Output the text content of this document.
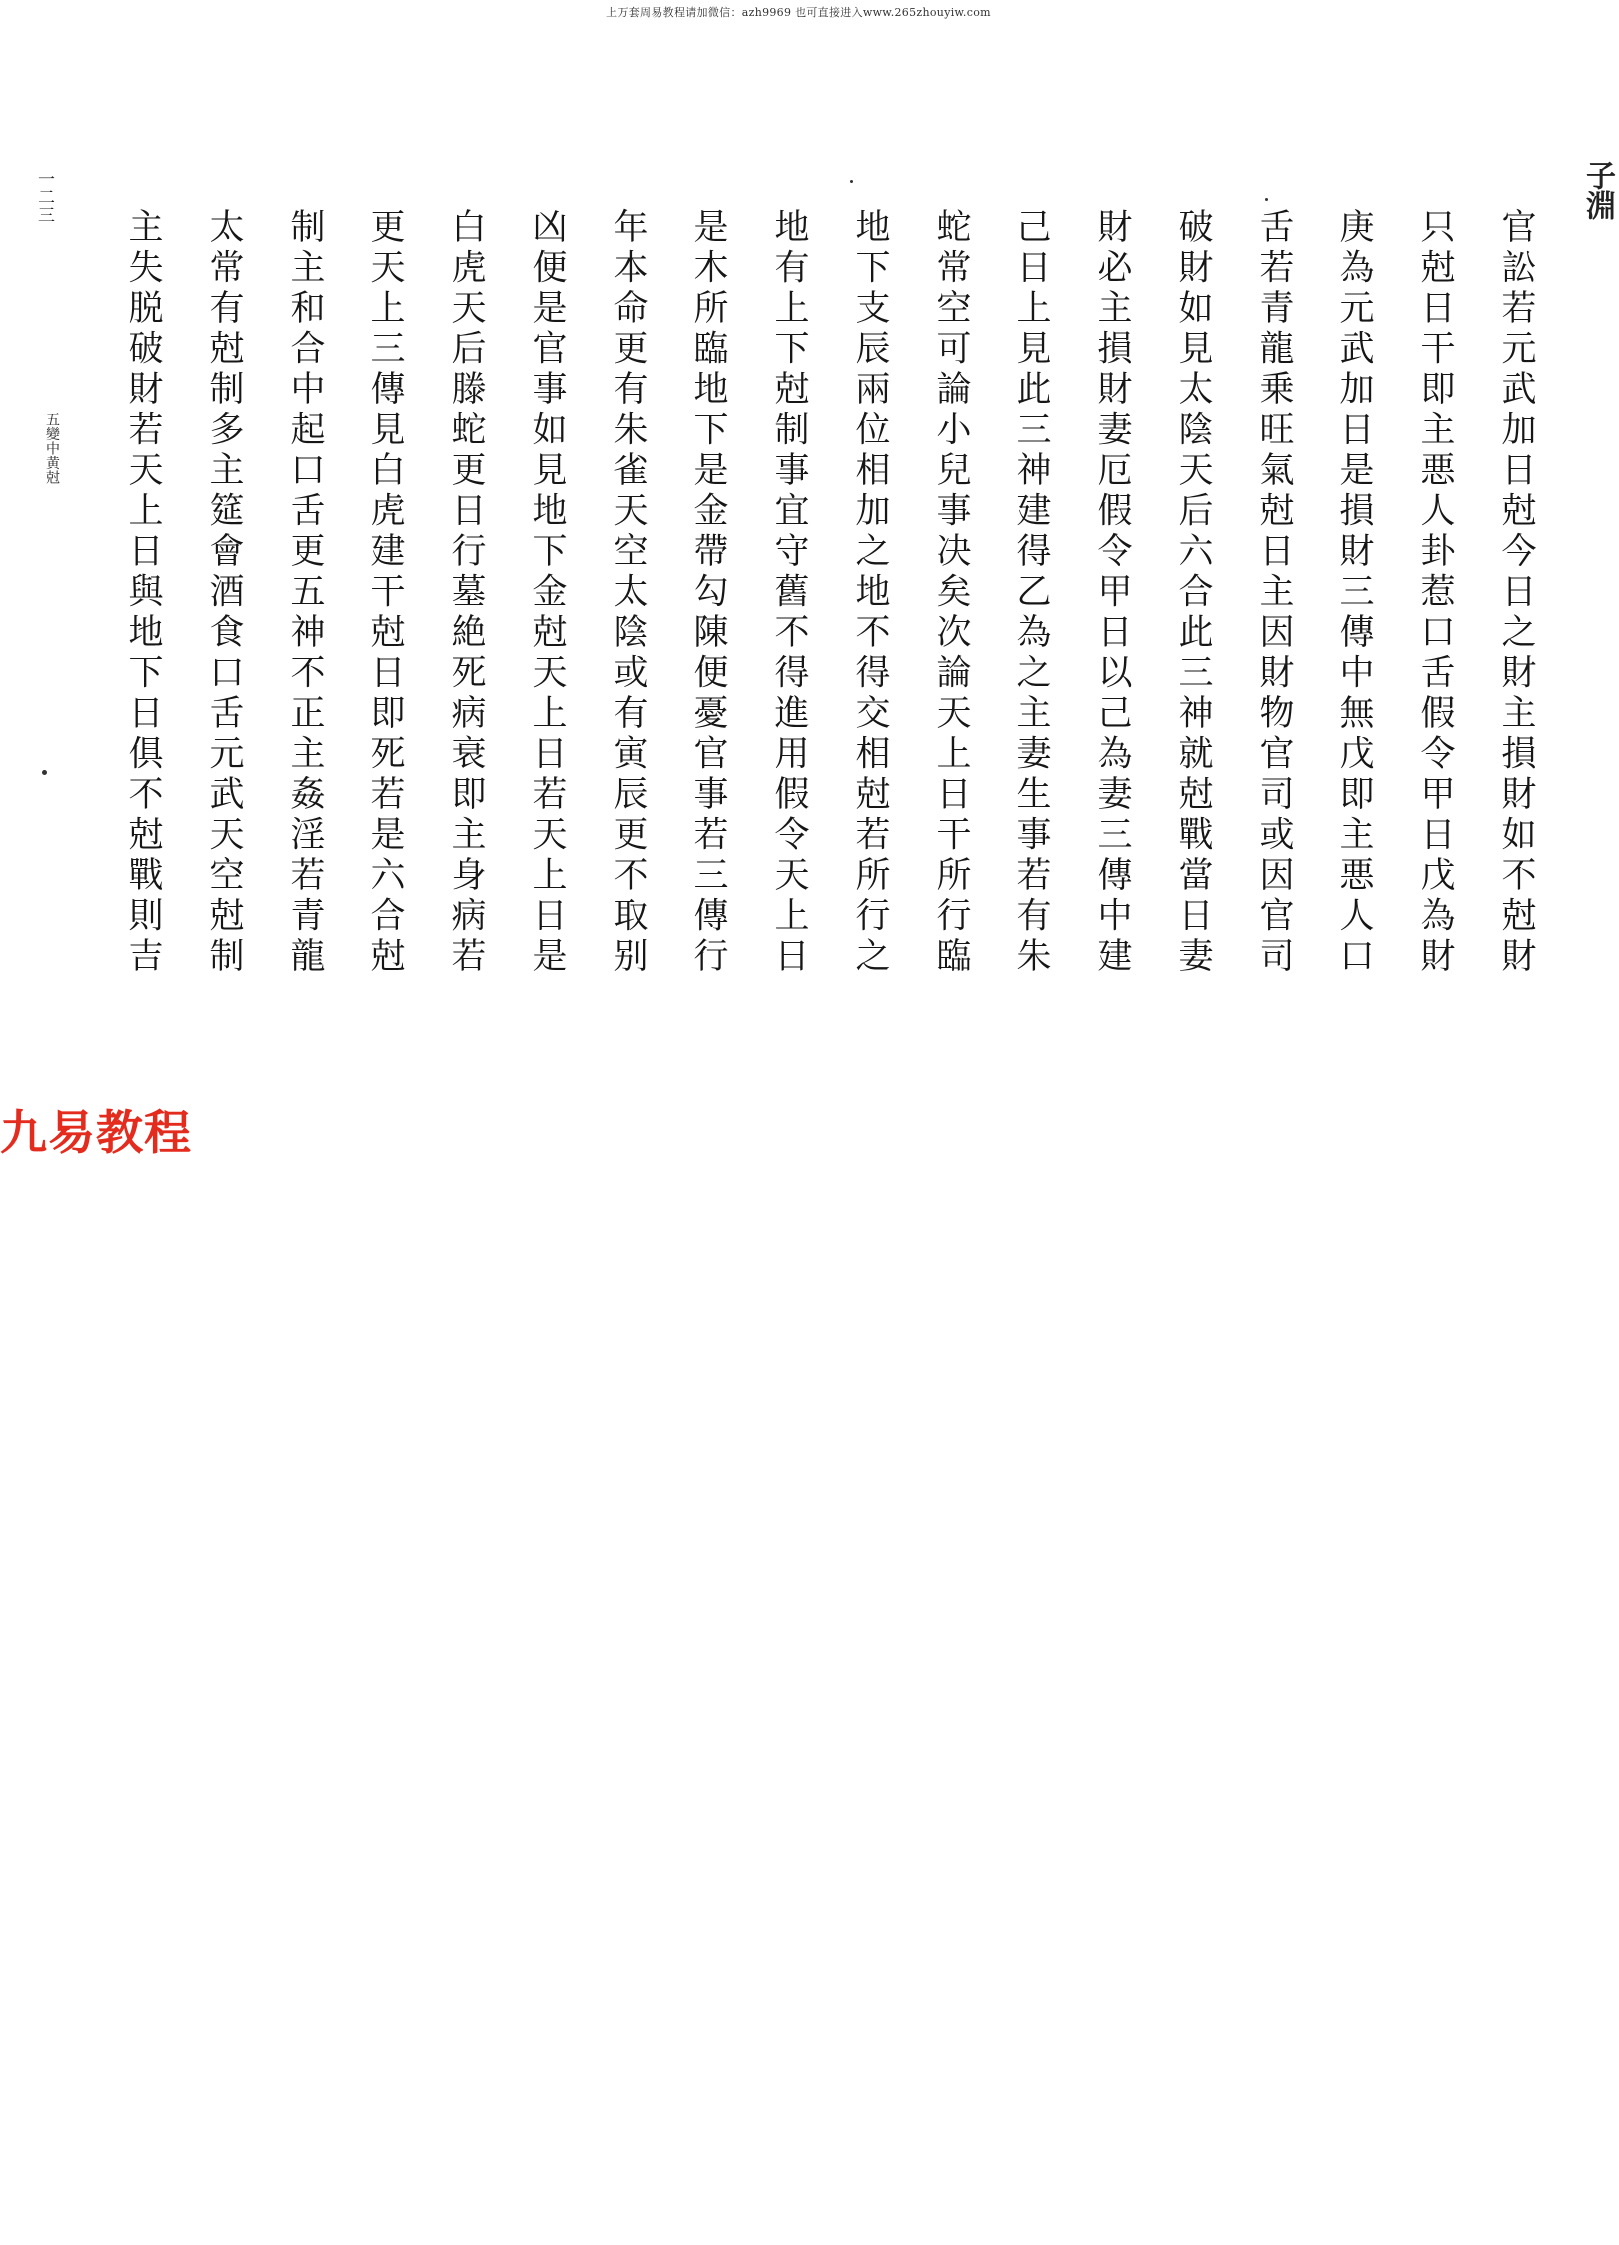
上万套周易教程请加微信：azh9969 也可直接进入www.265zhouyiw.com
子淵
官訟若元武加日尅今日之財主損財如不尅財
只尅日干即主悪人卦惹口舌假令甲日戊為財
庚為元武加日是損財三傳中無戊即主悪人口
舌若青龍乗旺氣尅日主因財物官司或因官司
破財如見太陰天后六合此三神就尅戰當日妻
財必主損財妻厄假令甲日以己為妻三傳中建
己日上見此三神建得乙為之主妻生事若有朱
蛇常空可論小兒事决矣次論天上日干所行臨
地下支辰兩位相加之地不得交相尅若所行之
地有上下尅制事宜守舊不得進用假令天上日
是木所臨地下是金帶勾陳便憂官事若三傳行
年本命更有朱雀天空太陰或有寅辰更不取别
凶便是官事如見地下金尅天上日若天上日是
白虎天后滕蛇更日行墓絶死病衰即主身病若
更天上三傳見白虎建干尅日即死若是六合尅
制主和合中起口舌更五神不正主姦淫若青龍
太常有尅制多主筵會酒食口舌元武天空尅制
主失脱破財若天上日與地下日俱不尅戰則吉
一二三
五變中黄尅
九易教程
